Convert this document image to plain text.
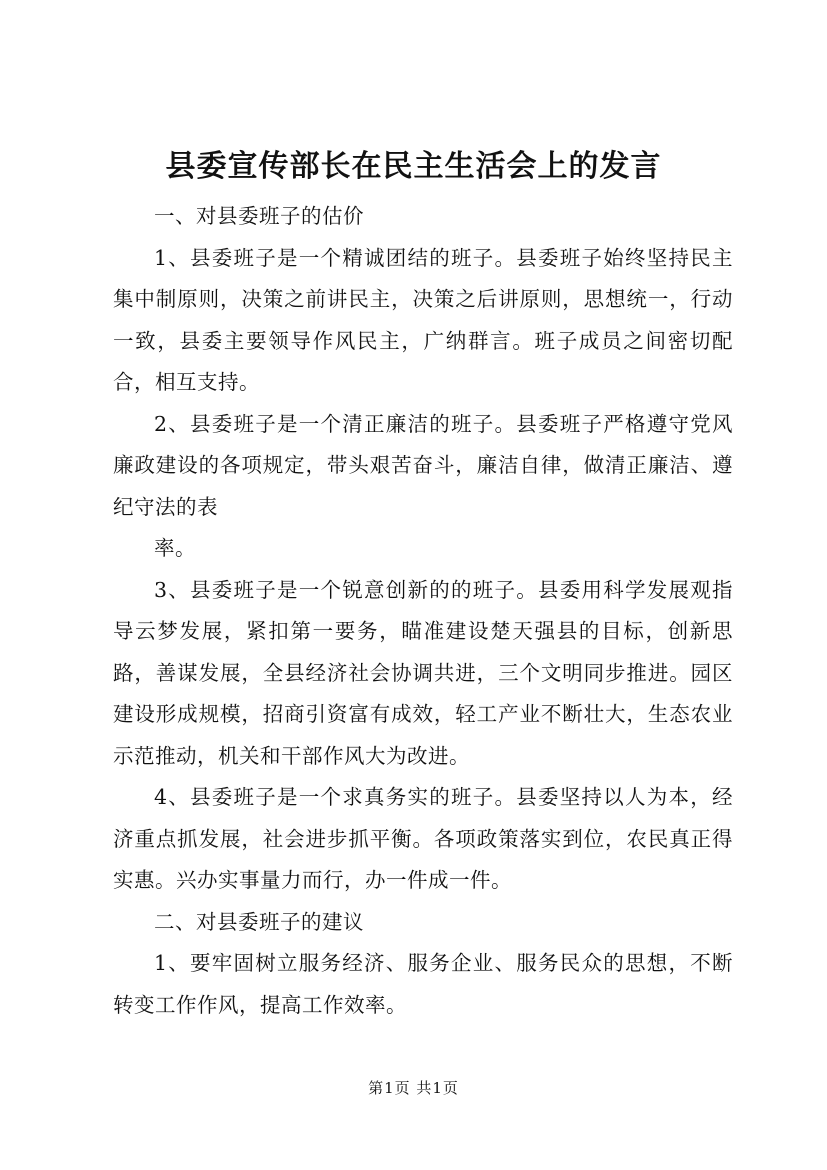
县委宣传部长在民主生活会上的发言

一、对县委班子的估价

1、县委班子是一个精诚团结的班子。县委班子始终坚持民主集中制原则，决策之前讲民主，决策之后讲原则，思想统一，行动一致，县委主要领导作风民主，广纳群言。班子成员之间密切配合，相互支持。

2、县委班子是一个清正廉洁的班子。县委班子严格遵守党风廉政建设的各项规定，带头艰苦奋斗，廉洁自律，做清正廉洁、遵纪守法的表

率。

3、县委班子是一个锐意创新的的班子。县委用科学发展观指导云梦发展，紧扣第一要务，瞄准建设楚天强县的目标，创新思路，善谋发展，全县经济社会协调共进，三个文明同步推进。园区建设形成规模，招商引资富有成效，轻工产业不断壮大，生态农业示范推动，机关和干部作风大为改进。

4、县委班子是一个求真务实的班子。县委坚持以人为本，经济重点抓发展，社会进步抓平衡。各项政策落实到位，农民真正得实惠。兴办实事量力而行，办一件成一件。

二、对县委班子的建议

1、要牢固树立服务经济、服务企业、服务民众的思想，不断转变工作作风，提高工作效率。

第1页 共1页
